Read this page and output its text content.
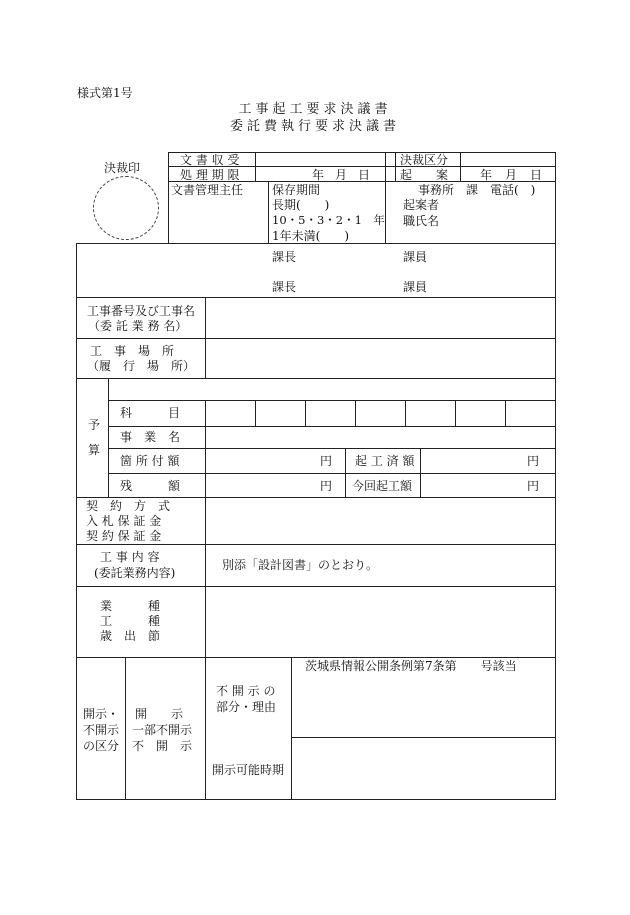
様式第1号
工事起工要求決議書
委託費執行要求決議書
決裁印
文 書 収 受	決裁区分
処 理 期 限	年 月 日 起　　案	年 月 日
文書管理主任 保存期間
長期(　　)
10・5・3・2・1　年
1年未満(　　)
事務所　課　電話(　)
起案者
職氏名
課長	課員
課長	課員
工事番号及び工事名
（委 託 業 務 名）
工　事　場　所
（履　行　場　所）
予
算
科　　　目
事　業　名
箇 所 付 額	円 起 工 済 額	円
残　　　額	円 今回起工額	円
契　約　方　式
入 札 保 証 金
契 約 保 証 金
工 事 内 容
(委託業務内容)
別添「設計図書」のとおり。
業　　　種
工　　　種
歳　出　節
開示・
不開示
の区分
開　　示
一部不開示
不　開　示
不 開 示 の
部分・理由
茨城県情報公開条例第7条第　　号該当
開示可能時期
